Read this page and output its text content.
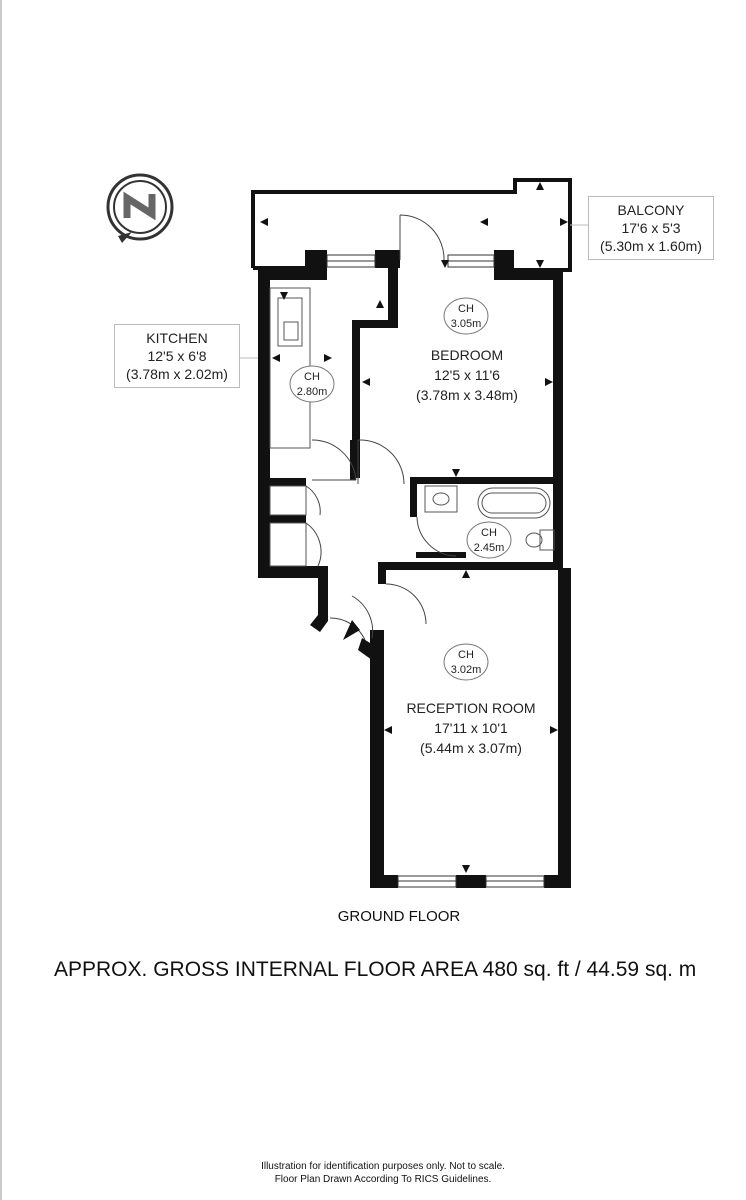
CH
3.05m
CH
2.80m
CH
2.45m
CH
3.02m
BEDROOM
12'5 x 11'6
(3.78m x 3.48m)
RECEPTION ROOM
17'11 x 10'1
(5.44m x 3.07m)
BALCONY
17'6 x 5'3
(5.30m x 1.60m)
KITCHEN
12'5 x 6'8
(3.78m x 2.02m)
GROUND FLOOR
APPROX. GROSS INTERNAL FLOOR AREA 480 sq. ft / 44.59 sq. m
Illustration for identification purposes only. Not to scale.
Floor Plan Drawn According To RICS Guidelines.
